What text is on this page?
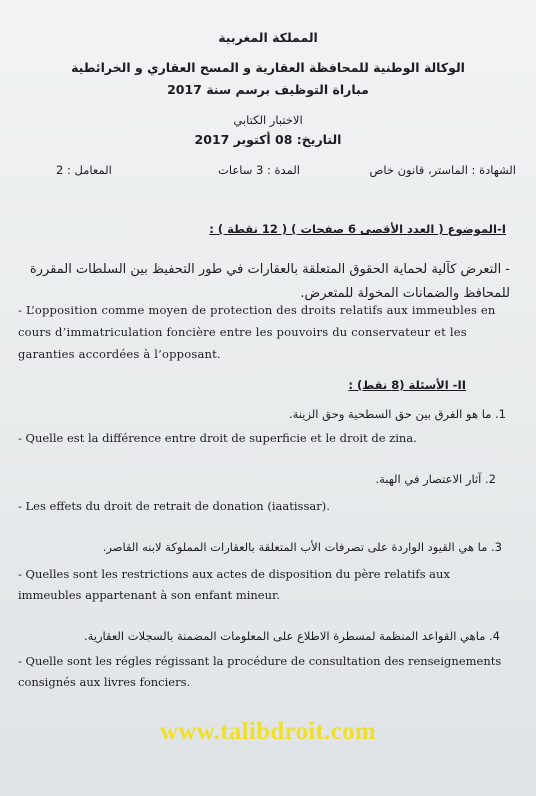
المملكة المغربية
الوكالة الوطنية للمحافظة العقارية و المسح العقاري و الخرائطية
مباراة التوظيف برسم سنة 2017
الاختبار الكتابي
التاريخ: 08 أكتوبر 2017
الشهادة : الماستر، قانون خاص
المدة : 3 ساعات
المعامل : 2
I-الموضوع ( العدد الأقصى 6 صفحات ) ( 12 نقطة ) :
- التعرض كآلية لحماية الحقوق المتعلقة بالعقارات في طور التحفيظ بين السلطات المقررة للمحافظ والضمانات المخولة للمتعرض.
- L’opposition comme moyen de protection des droits relatifs aux immeubles en cours d’immatriculation foncière entre les pouvoirs du conservateur et les garanties accordées à l’opposant.
II- الأسئلة (8 نقط) :
1. ما هو الفرق بين حق السطحية وحق الزينة.
- Quelle est la différence entre droit de superficie et le droit de zina.
2. آثار الاعتصار في الهبة.
- Les effets du droit de retrait de donation (iaatissar).
3. ما هي القيود الواردة على تصرفات الأب المتعلقة بالعقارات المملوكة لابنه القاصر.
- Quelles sont les restrictions aux actes de disposition du père relatifs aux immeubles appartenant à son enfant mineur.
4. ماهي القواعد المنظمة لمسطرة الاطلاع على المعلومات المضمنة بالسجلات العقارية.
- Quelle sont les régles régissant la procédure de consultation des renseignements consignés aux livres fonciers.
www.talibdroit.com
